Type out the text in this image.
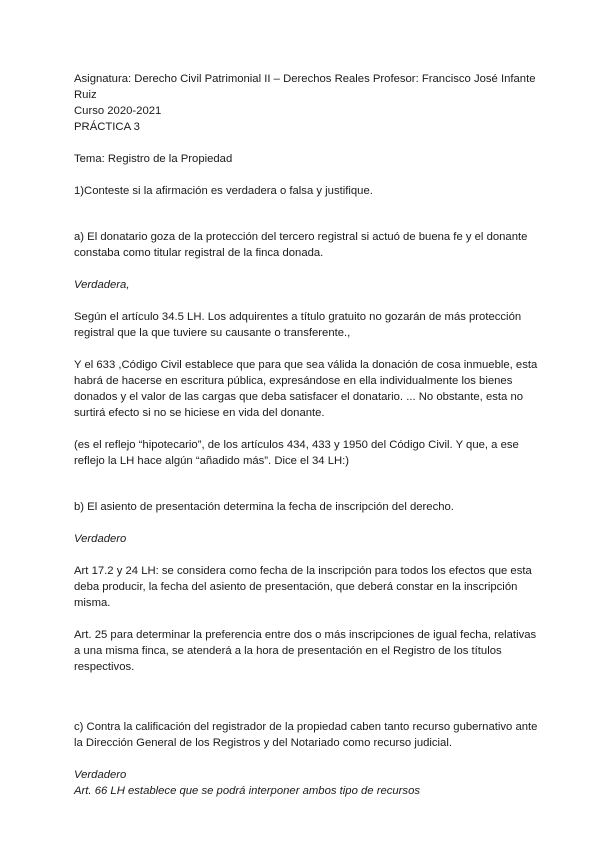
Asignatura: Derecho Civil Patrimonial II – Derechos Reales Profesor: Francisco José Infante Ruiz

Curso 2020-2021

PRÁCTICA 3

Tema: Registro de la Propiedad

1)Conteste si la afirmación es verdadera o falsa y justifique.

a) El donatario goza de la protección del tercero registral si actuó de buena fe y el donante constaba como titular registral de la finca donada.

Verdadera,

Según el artículo 34.5 LH. Los adquirentes a título gratuito no gozarán de más protección registral que la que tuviere su causante o transferente.,

Y el 633 ,Código Civil establece que para que sea válida la donación de cosa inmueble, esta habrá de hacerse en escritura pública, expresándose en ella individualmente los bienes donados y el valor de las cargas que deba satisfacer el donatario. ... No obstante, esta no surtirá efecto si no se hiciese en vida del donante.

(es el reflejo “hipotecario”, de los artículos 434, 433 y 1950 del Código Civil. Y que, a ese reflejo la LH hace algún “añadido más”. Dice el 34 LH:)

b) El asiento de presentación determina la fecha de inscripción del derecho.

Verdadero

Art 17.2 y 24 LH: se considera como fecha de la inscripción para todos los efectos que esta deba producir, la fecha del asiento de presentación, que deberá constar en la inscripción misma.

Art. 25 para determinar la preferencia entre dos o más inscripciones de igual fecha, relativas a una misma finca, se atenderá a la hora de presentación en el Registro de los títulos respectivos.

c) Contra la calificación del registrador de la propiedad caben tanto recurso gubernativo ante la Dirección General de los Registros y del Notariado como recurso judicial.

Verdadero

Art. 66 LH establece que se podrá interponer ambos tipo de recursos
